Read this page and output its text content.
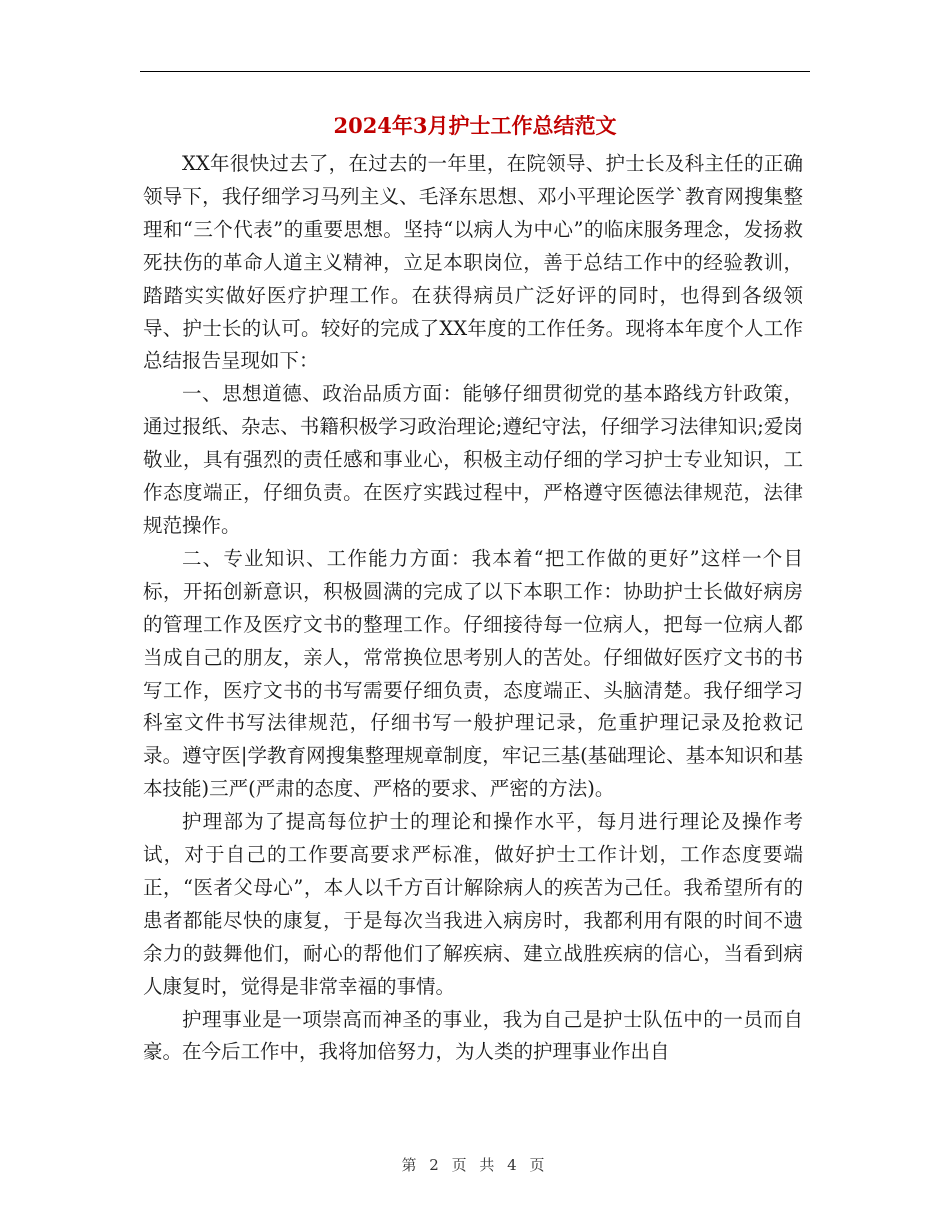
2024年3月护士工作总结范文

XX年很快过去了，在过去的一年里，在院领导、护士长及科主任的正确领导下，我仔细学习马列主义、毛泽东思想、邓小平理论医学`教育网搜集整理和“三个代表”的重要思想。坚持“以病人为中心”的临床服务理念，发扬救死扶伤的革命人道主义精神，立足本职岗位，善于总结工作中的经验教训，踏踏实实做好医疗护理工作。在获得病员广泛好评的同时，也得到各级领导、护士长的认可。较好的完成了XX年度的工作任务。现将本年度个人工作总结报告呈现如下：

一、思想道德、政治品质方面：能够仔细贯彻党的基本路线方针政策，通过报纸、杂志、书籍积极学习政治理论;遵纪守法，仔细学习法律知识;爱岗敬业，具有强烈的责任感和事业心，积极主动仔细的学习护士专业知识，工作态度端正，仔细负责。在医疗实践过程中，严格遵守医德法律规范，法律规范操作。

二、专业知识、工作能力方面：我本着“把工作做的更好”这样一个目标，开拓创新意识，积极圆满的完成了以下本职工作：协助护士长做好病房的管理工作及医疗文书的整理工作。仔细接待每一位病人，把每一位病人都当成自己的朋友，亲人，常常换位思考别人的苦处。仔细做好医疗文书的书写工作，医疗文书的书写需要仔细负责，态度端正、头脑清楚。我仔细学习科室文件书写法律规范，仔细书写一般护理记录，危重护理记录及抢救记录。遵守医|学教育网搜集整理规章制度，牢记三基(基础理论、基本知识和基本技能)三严(严肃的态度、严格的要求、严密的方法)。

护理部为了提高每位护士的理论和操作水平，每月进行理论及操作考试，对于自己的工作要高要求严标准，做好护士工作计划，工作态度要端正，“医者父母心”，本人以千方百计解除病人的疾苦为己任。我希望所有的患者都能尽快的康复，于是每次当我进入病房时，我都利用有限的时间不遗余力的鼓舞他们，耐心的帮他们了解疾病、建立战胜疾病的信心，当看到病人康复时，觉得是非常幸福的事情。

护理事业是一项崇高而神圣的事业，我为自己是护士队伍中的一员而自豪。在今后工作中，我将加倍努力，为人类的护理事业作出自

第 2 页 共 4 页
